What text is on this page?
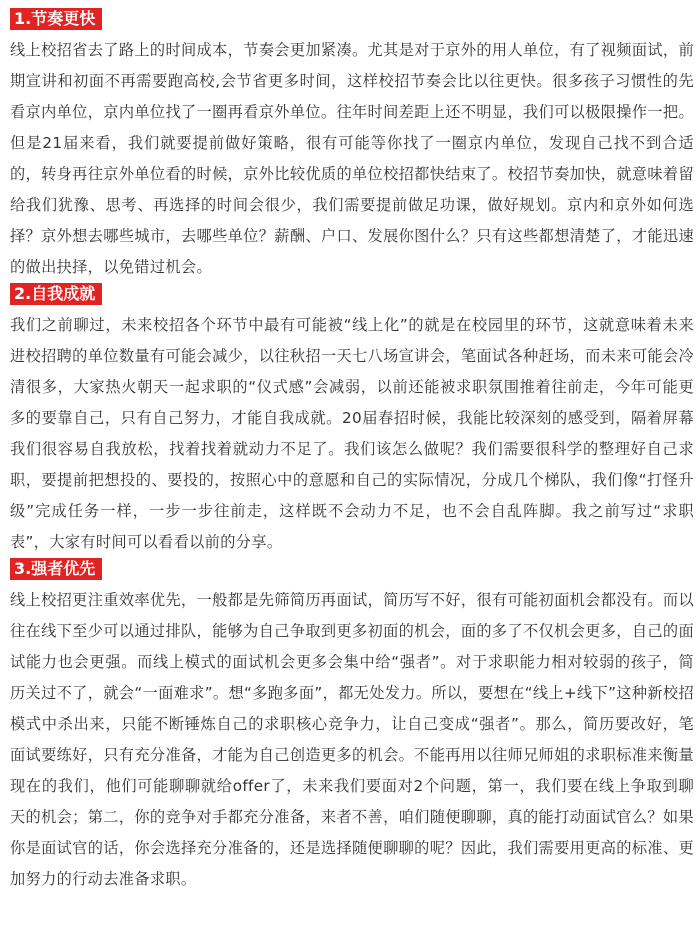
1.节奏更快

线上校招省去了路上的时间成本，节奏会更加紧凑。尤其是对于京外的用人单位，有了视频面试，前期宣讲和初面不再需要跑高校,会节省更多时间，这样校招节奏会比以往更快。很多孩子习惯性的先看京内单位，京内单位找了一圈再看京外单位。往年时间差距上还不明显，我们可以极限操作一把。但是21届来看，我们就要提前做好策略，很有可能等你找了一圈京内单位，发现自己找不到合适的，转身再往京外单位看的时候，京外比较优质的单位校招都快结束了。校招节奏加快，就意味着留给我们犹豫、思考、再选择的时间会很少，我们需要提前做足功课，做好规划。京内和京外如何选择？京外想去哪些城市，去哪些单位？薪酬、户口、发展你图什么？只有这些都想清楚了，才能迅速的做出抉择，以免错过机会。

2.自我成就

我们之前聊过，未来校招各个环节中最有可能被“线上化”的就是在校园里的环节，这就意味着未来进校招聘的单位数量有可能会减少，以往秋招一天七八场宣讲会，笔面试各种赶场，而未来可能会冷清很多，大家热火朝天一起求职的“仪式感”会减弱，以前还能被求职氛围推着往前走，今年可能更多的要靠自己，只有自己努力，才能自我成就。20届春招时候，我能比较深刻的感受到，隔着屏幕我们很容易自我放松，找着找着就动力不足了。我们该怎么做呢？我们需要很科学的整理好自己求职，要提前把想投的、要投的，按照心中的意愿和自己的实际情况，分成几个梯队，我们像“打怪升级”完成任务一样，一步一步往前走，这样既不会动力不足，也不会自乱阵脚。我之前写过“求职表”，大家有时间可以看看以前的分享。

3.强者优先

线上校招更注重效率优先，一般都是先筛简历再面试，简历写不好，很有可能初面机会都没有。而以往在线下至少可以通过排队，能够为自己争取到更多初面的机会，面的多了不仅机会更多，自己的面试能力也会更强。而线上模式的面试机会更多会集中给“强者”。对于求职能力相对较弱的孩子，简历关过不了，就会“一面难求”。想“多跑多面”，都无处发力。所以，要想在“线上+线下”这种新校招模式中杀出来，只能不断锤炼自己的求职核心竞争力，让自己变成“强者”。那么，简历要改好，笔面试要练好，只有充分准备，才能为自己创造更多的机会。不能再用以往师兄师姐的求职标准来衡量现在的我们，他们可能聊聊就给offer了，未来我们要面对2个问题，第一，我们要在线上争取到聊天的机会；第二，你的竞争对手都充分准备，来者不善，咱们随便聊聊，真的能打动面试官么？如果你是面试官的话，你会选择充分准备的，还是选择随便聊聊的呢？因此，我们需要用更高的标准、更加努力的行动去准备求职。
